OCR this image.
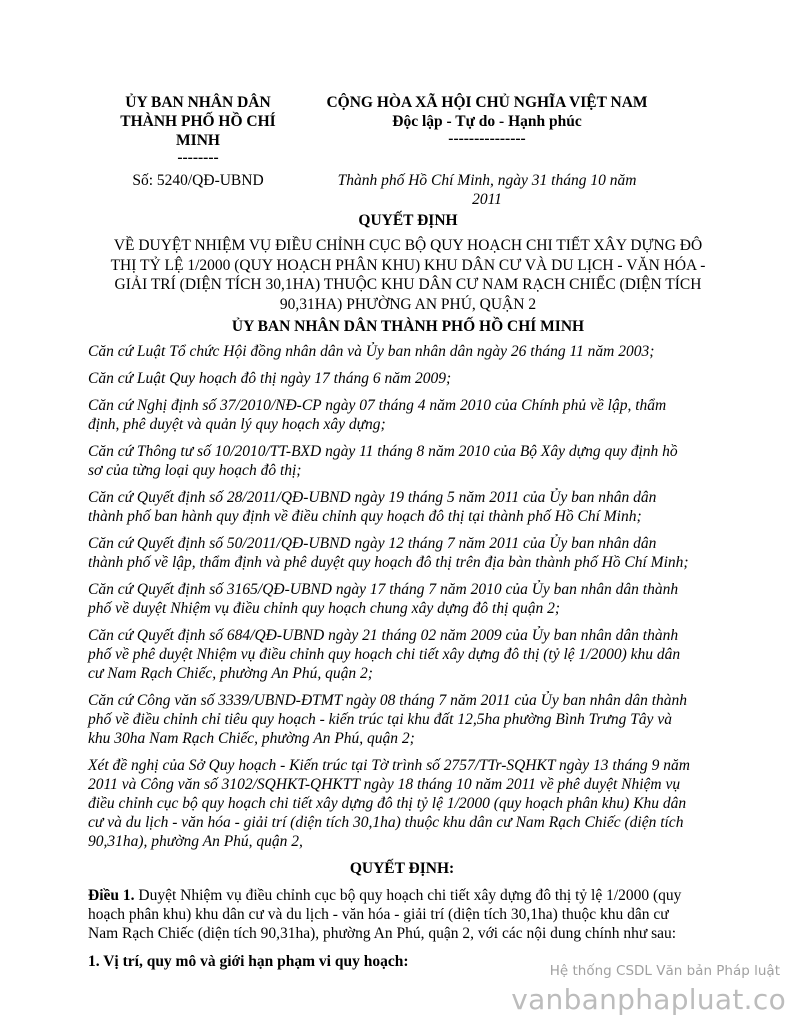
ỦY BAN NHÂN DÂN
THÀNH PHỐ HỒ CHÍ
MINH
--------
Số: 5240/QĐ-UBND
CỘNG HÒA XÃ HỘI CHỦ NGHĨA VIỆT NAM
Độc lập - Tự do - Hạnh phúc
---------------
Thành phố Hồ Chí Minh, ngày 31 tháng 10 năm 2011
QUYẾT ĐỊNH
VỀ DUYỆT NHIỆM VỤ ĐIỀU CHỈNH CỤC BỘ QUY HOẠCH CHI TIẾT XÂY DỰNG ĐÔ
THỊ TỶ LỆ 1/2000 (QUY HOẠCH PHÂN KHU) KHU DÂN CƯ VÀ DU LỊCH - VĂN HÓA -
GIẢI TRÍ (DIỆN TÍCH 30,1HA) THUỘC KHU DÂN CƯ NAM RẠCH CHIẾC (DIỆN TÍCH
90,31HA) PHƯỜNG AN PHÚ, QUẬN 2
ỦY BAN NHÂN DÂN THÀNH PHỐ HỒ CHÍ MINH

Căn cứ Luật Tổ chức Hội đồng nhân dân và Ủy ban nhân dân ngày 26 tháng 11 năm 2003;

Căn cứ Luật Quy hoạch đô thị ngày 17 tháng 6 năm 2009;

Căn cứ Nghị định số 37/2010/NĐ-CP ngày 07 tháng 4 năm 2010 của Chính phủ về lập, thẩm
định, phê duyệt và quản lý quy hoạch xây dựng;

Căn cứ Thông tư số 10/2010/TT-BXD ngày 11 tháng 8 năm 2010 của Bộ Xây dựng quy định hồ
sơ của từng loại quy hoạch đô thị;

Căn cứ Quyết định số 28/2011/QĐ-UBND ngày 19 tháng 5 năm 2011 của Ủy ban nhân dân
thành phố ban hành quy định về điều chỉnh quy hoạch đô thị tại thành phố Hồ Chí Minh;

Căn cứ Quyết định số 50/2011/QĐ-UBND ngày 12 tháng 7 năm 2011 của Ủy ban nhân dân
thành phố về lập, thẩm định và phê duyệt quy hoạch đô thị trên địa bàn thành phố Hồ Chí Minh;

Căn cứ Quyết định số 3165/QĐ-UBND ngày 17 tháng 7 năm 2010 của Ủy ban nhân dân thành
phố về duyệt Nhiệm vụ điều chỉnh quy hoạch chung xây dựng đô thị quận 2;

Căn cứ Quyết định số 684/QĐ-UBND ngày 21 tháng 02 năm 2009 của Ủy ban nhân dân thành
phố về phê duyệt Nhiệm vụ điều chỉnh quy hoạch chi tiết xây dựng đô thị (tỷ lệ 1/2000) khu dân
cư Nam Rạch Chiếc, phường An Phú, quận 2;

Căn cứ Công văn số 3339/UBND-ĐTMT ngày 08 tháng 7 năm 2011 của Ủy ban nhân dân thành
phố về điều chỉnh chỉ tiêu quy hoạch - kiến trúc tại khu đất 12,5ha phường Bình Trưng Tây và
khu 30ha Nam Rạch Chiếc, phường An Phú, quận 2;

Xét đề nghị của Sở Quy hoạch - Kiến trúc tại Tờ trình số 2757/TTr-SQHKT ngày 13 tháng 9 năm
2011 và Công văn số 3102/SQHKT-QHKTT ngày 18 tháng 10 năm 2011 về phê duyệt Nhiệm vụ
điều chỉnh cục bộ quy hoạch chi tiết xây dựng đô thị tỷ lệ 1/2000 (quy hoạch phân khu) Khu dân
cư và du lịch - văn hóa - giải trí (diện tích 30,1ha) thuộc khu dân cư Nam Rạch Chiếc (diện tích
90,31ha), phường An Phú, quận 2,

QUYẾT ĐỊNH:

Điều 1. Duyệt Nhiệm vụ điều chỉnh cục bộ quy hoạch chi tiết xây dựng đô thị tỷ lệ 1/2000 (quy
hoạch phân khu) khu dân cư và du lịch - văn hóa - giải trí (diện tích 30,1ha) thuộc khu dân cư
Nam Rạch Chiếc (diện tích 90,31ha), phường An Phú, quận 2, với các nội dung chính như sau:

1. Vị trí, quy mô và giới hạn phạm vi quy hoạch:

Hệ thống CSDL Văn bản Pháp luật
vanbanphapluat.co
